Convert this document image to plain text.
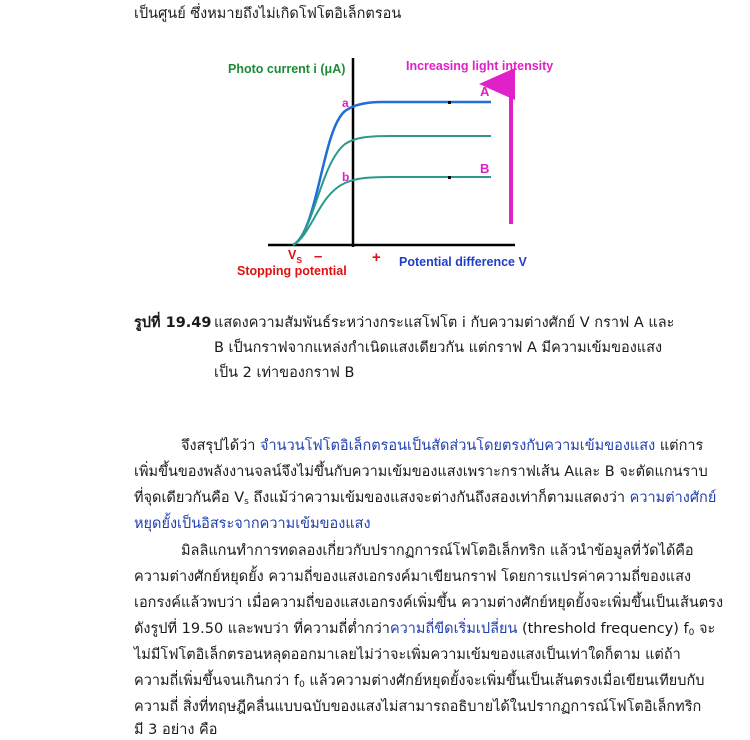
เป็นศูนย์ ซึ่งหมายถึงไม่เกิดโฟโตอิเล็กตรอน
Photo current i (μA)	Increasing light intensity
A
B
a
b
$V_S$ –	+
Stopping potential
Potential difference V
รูปที่ 19.49 แสดงความสัมพันธ์ระหว่างกระแสโฟโต i กับความต่างศักย์ V กราฟ A และ
B เป็นกราฟจากแหล่งกำเนิดแสงเดียวกัน แต่กราฟ A มีความเข้มของแสง
เป็น 2 เท่าของกราฟ B
จึงสรุปได้ว่า จำนวนโฟโตอิเล็กตรอนเป็นสัดส่วนโดยตรงกับความเข้มของแสง แต่การ
เพิ่มขึ้นของพลังงานจลน์จึงไม่ขึ้นกับความเข้มของแสงเพราะกราฟเส้น Aและ B จะตัดแกนราบ
ที่จุดเดียวกันคือ $V_s$ ถึงแม้ว่าความเข้มของแสงจะต่างกันถึงสองเท่าก็ตามแสดงว่า ความต่างศักย์
หยุดยั้งเป็นอิสระจากความเข้มของแสง
มิลลิแกนทำการทดลองเกี่ยวกับปรากฏการณ์โฟโตอิเล็กทริก แล้วนำข้อมูลที่วัดได้คือ
ความต่างศักย์หยุดยั้ง ความถี่ของแสงเอกรงค์มาเขียนกราฟ โดยการแปรค่าความถี่ของแสง
เอกรงค์แล้วพบว่า เมื่อความถี่ของแสงเอกรงค์เพิ่มขึ้น ความต่างศักย์หยุดยั้งจะเพิ่มขึ้นเป็นเส้นตรง
ดังรูปที่ 19.50 และพบว่า ที่ความถี่ต่ำกว่าความถี่ขีดเริ่มเปลี่ยน (threshold frequency) $f_0$ จะ
ไม่มีโฟโตอิเล็กตรอนหลุดออกมาเลยไม่ว่าจะเพิ่มความเข้มของแสงเป็นเท่าใดก็ตาม แต่ถ้า
ความถี่เพิ่มขึ้นจนเกินกว่า $f_0$ แล้วความต่างศักย์หยุดยั้งจะเพิ่มขึ้นเป็นเส้นตรงเมื่อเขียนเทียบกับ
ความถี่ สิ่งที่ทฤษฎีคลื่นแบบฉบับของแสงไม่สามารถอธิบายได้ในปรากฏการณ์โฟโตอิเล็กทริก
มี 3 อย่าง คือ
